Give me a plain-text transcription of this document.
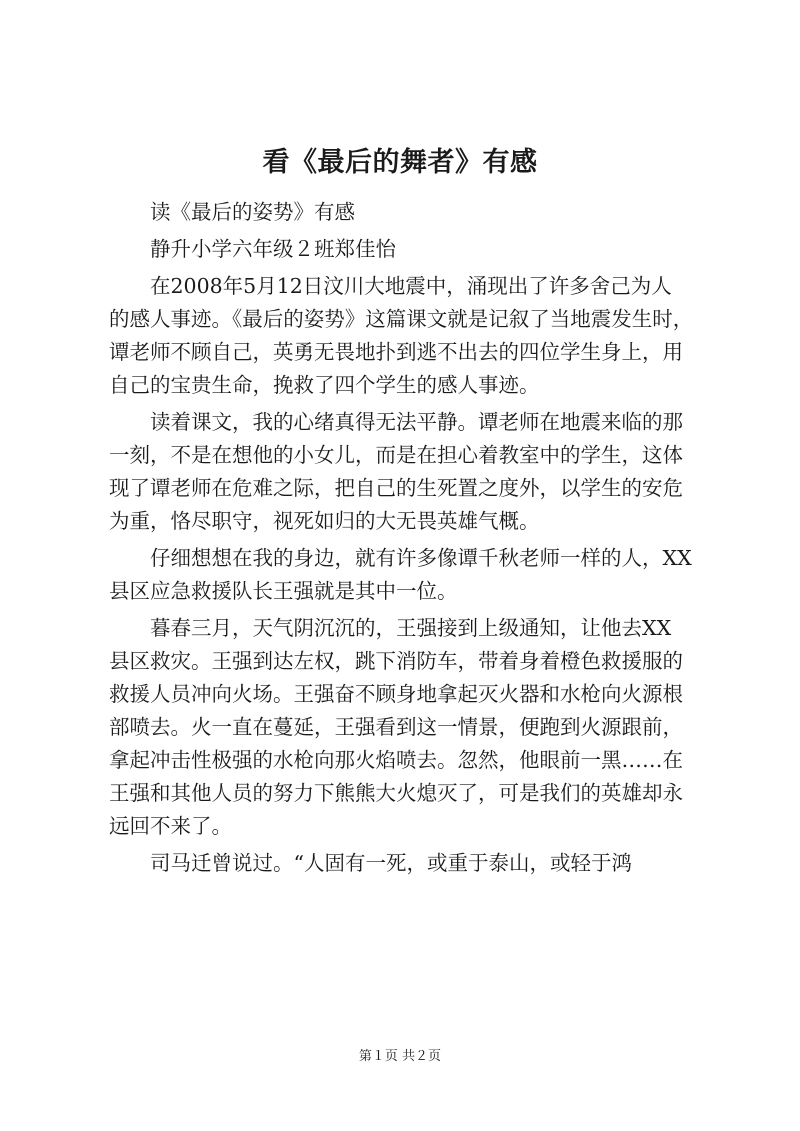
看《最后的舞者》有感
　　读《最后的姿势》有感
　　静升小学六年级２班郑佳怡
　　在2008年5月12日汶川大地震中，涌现出了许多舍己为人
的感人事迹。《最后的姿势》这篇课文就是记叙了当地震发生时，
谭老师不顾自己，英勇无畏地扑到逃不出去的四位学生身上，用
自己的宝贵生命，挽救了四个学生的感人事迹。
　　读着课文，我的心绪真得无法平静。谭老师在地震来临的那
一刻，不是在想他的小女儿，而是在担心着教室中的学生，这体
现了谭老师在危难之际，把自己的生死置之度外，以学生的安危
为重，恪尽职守，视死如归的大无畏英雄气概。
　　仔细想想在我的身边，就有许多像谭千秋老师一样的人，XX
县区应急救援队长王强就是其中一位。
　　暮春三月，天气阴沉沉的，王强接到上级通知，让他去XX
县区救灾。王强到达左权，跳下消防车，带着身着橙色救援服的
救援人员冲向火场。王强奋不顾身地拿起灭火器和水枪向火源根
部喷去。火一直在蔓延，王强看到这一情景，便跑到火源跟前，
拿起冲击性极强的水枪向那火焰喷去。忽然，他眼前一黑……在
王强和其他人员的努力下熊熊大火熄灭了，可是我们的英雄却永
远回不来了。
　　司马迁曾说过。“人固有一死，或重于泰山，或轻于鸿
第１页 共２页
